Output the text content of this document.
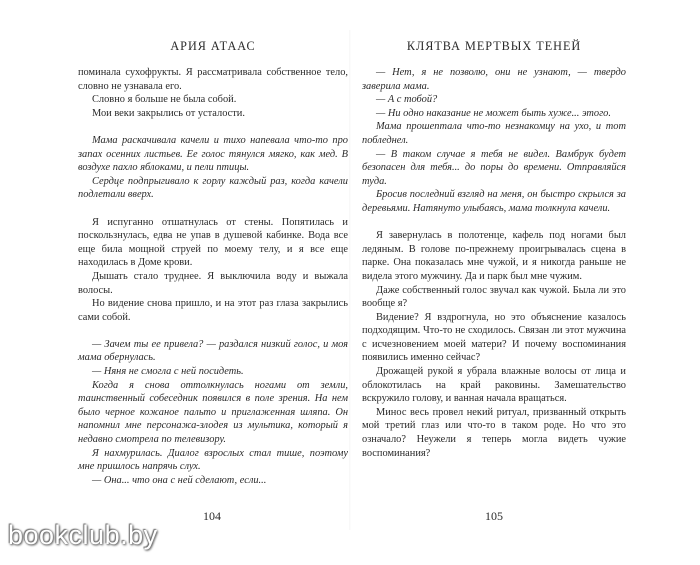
АРИЯ АТААС

поминала сухофрукты. Я рассматривала собственное тело, словно не узнавала его.

Словно я больше не была собой.

Мои веки закрылись от усталости.

Мама раскачивала качели и тихо напевала что-то про запах осенних листьев. Ее голос тянулся мягко, как мед. В воздухе пахло яблоками, и пели птицы.

Сердце подпрыгивало к горлу каждый раз, когда качели подлетали вверх.

Я испуганно отшатнулась от стены. Попятилась и поскользнулась, едва не упав в душевой кабинке. Вода все еще била мощной струей по моему телу, и я все еще находилась в Доме крови.

Дышать стало труднее. Я выключила воду и выжала волосы.

Но видение снова пришло, и на этот раз глаза закрылись сами собой.

— Зачем ты ее привела? — раздался низкий голос, и моя мама обернулась.

— Няня не смогла с ней посидеть.

Когда я снова оттолкнулась ногами от земли, таинственный собеседник появился в поле зрения. На нем было черное кожаное пальто и приглаженная шляпа. Он напомнил мне персонажа-злодея из мультика, который я недавно смотрела по телевизору.

Я нахмурилась. Диалог взрослых стал тише, поэтому мне пришлось напрячь слух.

— Она... что она с ней сделают, если...

КЛЯТВА МЕРТВЫХ ТЕНЕЙ

— Нет, я не позволю, они не узнают, — твердо заверила мама.

— А с тобой?

— Ни одно наказание не может быть хуже... этого.

Мама прошептала что-то незнакомцу на ухо, и тот побледнел.

— В таком случае я тебя не видел. Вамбрук будет безопасен для тебя... до поры до времени. Отправляйся туда.

Бросив последний взгляд на меня, он быстро скрылся за деревьями. Натянуто улыбаясь, мама толкнула качели.

Я завернулась в полотенце, кафель под ногами был ледяным. В голове по-прежнему проигрывалась сцена в парке. Она показалась мне чужой, и я никогда раньше не видела этого мужчину. Да и парк был мне чужим.

Даже собственный голос звучал как чужой. Была ли это вообще я?

Видение? Я вздрогнула, но это объяснение казалось подходящим. Что-то не сходилось. Связан ли этот мужчина с исчезновением моей матери? И почему воспоминания появились именно сейчас?

Дрожащей рукой я убрала влажные волосы от лица и облокотилась на край раковины. Замешательство вскружило голову, и ванная начала вращаться.

Минос весь провел некий ритуал, призванный открыть мой третий глаз или что-то в таком роде. Но что это означало? Неужели я теперь могла видеть чужие воспоминания?

104	105
bookclub.by
